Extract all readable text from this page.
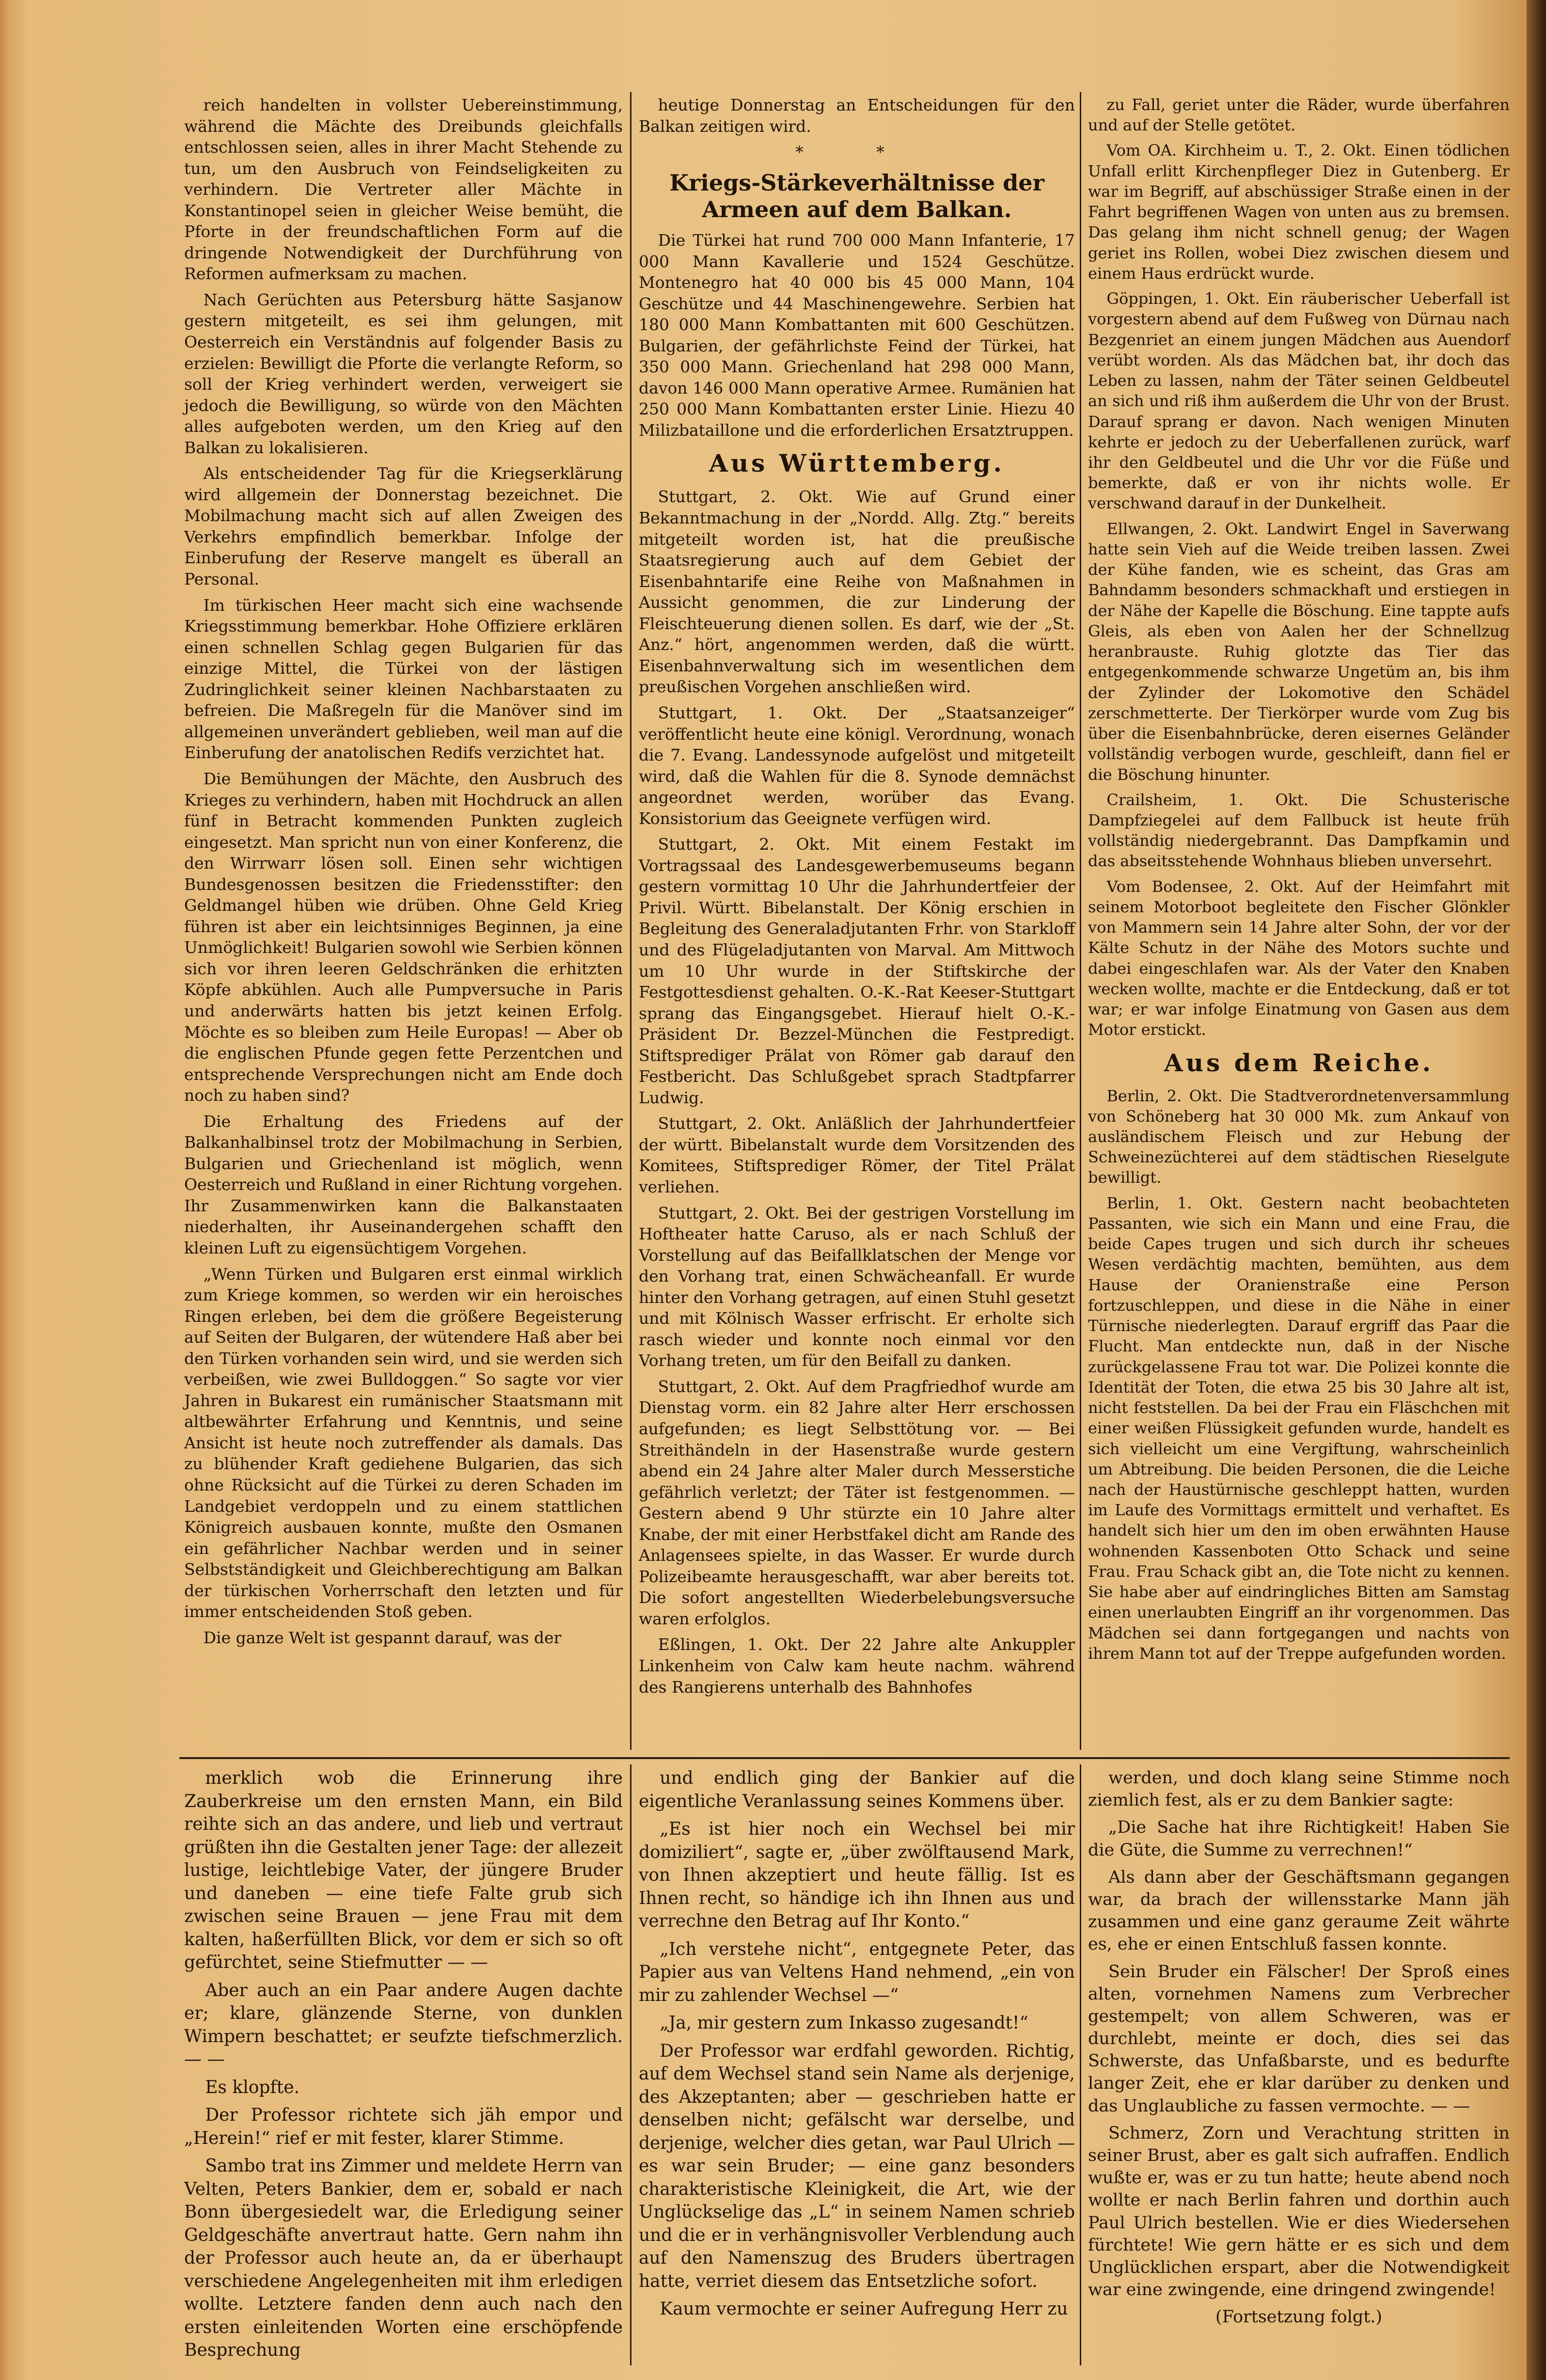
reich handelten in vollster Uebereinstimmung, während die Mächte des Dreibunds gleichfalls entschlossen seien, alles in ihrer Macht Stehende zu tun, um den Ausbruch von Feindseligkeiten zu verhindern. Die Vertreter aller Mächte in Konstantinopel seien in gleicher Weise bemüht, die Pforte in der freundschaftlichen Form auf die dringende Notwendigkeit der Durchführung von Reformen aufmerksam zu machen.

Nach Gerüchten aus Petersburg hätte Sasjanow gestern mitgeteilt, es sei ihm gelungen, mit Oesterreich ein Verständnis auf folgender Basis zu erzielen: Bewilligt die Pforte die verlangte Reform, so soll der Krieg verhindert werden, verweigert sie jedoch die Bewilligung, so würde von den Mächten alles aufgeboten werden, um den Krieg auf den Balkan zu lokalisieren.

Als entscheidender Tag für die Kriegserklärung wird allgemein der Donnerstag bezeichnet. Die Mobilmachung macht sich auf allen Zweigen des Verkehrs empfindlich bemerkbar. Infolge der Einberufung der Reserve mangelt es überall an Personal.

Im türkischen Heer macht sich eine wachsende Kriegsstimmung bemerkbar. Hohe Offiziere erklären einen schnellen Schlag gegen Bulgarien für das einzige Mittel, die Türkei von der lästigen Zudringlichkeit seiner kleinen Nachbarstaaten zu befreien. Die Maßregeln für die Manöver sind im allgemeinen unverändert geblieben, weil man auf die Einberufung der anatolischen Redifs verzichtet hat.

Die Bemühungen der Mächte, den Ausbruch des Krieges zu verhindern, haben mit Hochdruck an allen fünf in Betracht kommenden Punkten zugleich eingesetzt. Man spricht nun von einer Konferenz, die den Wirrwarr lösen soll. Einen sehr wichtigen Bundesgenossen besitzen die Friedensstifter: den Geldmangel hüben wie drüben. Ohne Geld Krieg führen ist aber ein leichtsinniges Beginnen, ja eine Unmöglichkeit! Bulgarien sowohl wie Serbien können sich vor ihren leeren Geldschränken die erhitzten Köpfe abkühlen. Auch alle Pumpversuche in Paris und anderwärts hatten bis jetzt keinen Erfolg. Möchte es so bleiben zum Heile Europas! — Aber ob die englischen Pfunde gegen fette Perzentchen und entsprechende Versprechungen nicht am Ende doch noch zu haben sind?

Die Erhaltung des Friedens auf der Balkanhalbinsel trotz der Mobilmachung in Serbien, Bulgarien und Griechenland ist möglich, wenn Oesterreich und Rußland in einer Richtung vorgehen. Ihr Zusammenwirken kann die Balkanstaaten niederhalten, ihr Auseinandergehen schafft den kleinen Luft zu eigensüchtigem Vorgehen.

„Wenn Türken und Bulgaren erst einmal wirklich zum Kriege kommen, so werden wir ein heroisches Ringen erleben, bei dem die größere Begeisterung auf Seiten der Bulgaren, der wütendere Haß aber bei den Türken vorhanden sein wird, und sie werden sich verbeißen, wie zwei Bulldoggen.“ So sagte vor vier Jahren in Bukarest ein rumänischer Staatsmann mit altbewährter Erfahrung und Kenntnis, und seine Ansicht ist heute noch zutreffender als damals. Das zu blühender Kraft gediehene Bulgarien, das sich ohne Rücksicht auf die Türkei zu deren Schaden im Landgebiet verdoppeln und zu einem stattlichen Königreich ausbauen konnte, mußte den Osmanen ein gefährlicher Nachbar werden und in seiner Selbstständigkeit und Gleichberechtigung am Balkan der türkischen Vorherrschaft den letzten und für immer entscheidenden Stoß geben.

Die ganze Welt ist gespannt darauf, was der

heutige Donnerstag an Entscheidungen für den Balkan zeitigen wird.

* *
Kriegs-Stärkeverhältnisse der Armeen auf dem Balkan.

Die Türkei hat rund 700 000 Mann Infanterie, 17 000 Mann Kavallerie und 1524 Geschütze. Montenegro hat 40 000 bis 45 000 Mann, 104 Geschütze und 44 Maschinengewehre. Serbien hat 180 000 Mann Kombattanten mit 600 Geschützen. Bulgarien, der gefährlichste Feind der Türkei, hat 350 000 Mann. Griechenland hat 298 000 Mann, davon 146 000 Mann operative Armee. Rumänien hat 250 000 Mann Kombattanten erster Linie. Hiezu 40 Milizbataillone und die erforderlichen Ersatztruppen.

Aus Württemberg.

Stuttgart, 2. Okt. Wie auf Grund einer Bekanntmachung in der „Nordd. Allg. Ztg.“ bereits mitgeteilt worden ist, hat die preußische Staatsregierung auch auf dem Gebiet der Eisenbahntarife eine Reihe von Maßnahmen in Aussicht genommen, die zur Linderung der Fleischteuerung dienen sollen. Es darf, wie der „St. Anz.“ hört, angenommen werden, daß die württ. Eisenbahnverwaltung sich im wesentlichen dem preußischen Vorgehen anschließen wird.

Stuttgart, 1. Okt. Der „Staatsanzeiger“ veröffentlicht heute eine königl. Verordnung, wonach die 7. Evang. Landessynode aufgelöst und mitgeteilt wird, daß die Wahlen für die 8. Synode demnächst angeordnet werden, worüber das Evang. Konsistorium das Geeignete verfügen wird.

Stuttgart, 2. Okt. Mit einem Festakt im Vortragssaal des Landesgewerbemuseums begann gestern vormittag 10 Uhr die Jahrhundertfeier der Privil. Württ. Bibelanstalt. Der König erschien in Begleitung des Generaladjutanten Frhr. von Starkloff und des Flügeladjutanten von Marval. Am Mittwoch um 10 Uhr wurde in der Stiftskirche der Festgottesdienst gehalten. O.-K.-Rat Keeser-Stuttgart sprang das Eingangsgebet. Hierauf hielt O.-K.-Präsident Dr. Bezzel-München die Festpredigt. Stiftsprediger Prälat von Römer gab darauf den Festbericht. Das Schlußgebet sprach Stadtpfarrer Ludwig.

Stuttgart, 2. Okt. Anläßlich der Jahrhundertfeier der württ. Bibelanstalt wurde dem Vorsitzenden des Komitees, Stiftsprediger Römer, der Titel Prälat verliehen.

Stuttgart, 2. Okt. Bei der gestrigen Vorstellung im Hoftheater hatte Caruso, als er nach Schluß der Vorstellung auf das Beifallklatschen der Menge vor den Vorhang trat, einen Schwächeanfall. Er wurde hinter den Vorhang getragen, auf einen Stuhl gesetzt und mit Kölnisch Wasser erfrischt. Er erholte sich rasch wieder und konnte noch einmal vor den Vorhang treten, um für den Beifall zu danken.

Stuttgart, 2. Okt. Auf dem Pragfriedhof wurde am Dienstag vorm. ein 82 Jahre alter Herr erschossen aufgefunden; es liegt Selbsttötung vor. — Bei Streithändeln in der Hasenstraße wurde gestern abend ein 24 Jahre alter Maler durch Messerstiche gefährlich verletzt; der Täter ist festgenommen. — Gestern abend 9 Uhr stürzte ein 10 Jahre alter Knabe, der mit einer Herbstfakel dicht am Rande des Anlagensees spielte, in das Wasser. Er wurde durch Polizeibeamte herausgeschafft, war aber bereits tot. Die sofort angestellten Wiederbelebungsversuche waren erfolglos.

Eßlingen, 1. Okt. Der 22 Jahre alte Ankuppler Linkenheim von Calw kam heute nachm. während des Rangierens unterhalb des Bahnhofes

zu Fall, geriet unter die Räder, wurde überfahren und auf der Stelle getötet.

Vom OA. Kirchheim u. T., 2. Okt. Einen tödlichen Unfall erlitt Kirchenpfleger Diez in Gutenberg. Er war im Begriff, auf abschüssiger Straße einen in der Fahrt begriffenen Wagen von unten aus zu bremsen. Das gelang ihm nicht schnell genug; der Wagen geriet ins Rollen, wobei Diez zwischen diesem und einem Haus erdrückt wurde.

Göppingen, 1. Okt. Ein räuberischer Ueberfall ist vorgestern abend auf dem Fußweg von Dürnau nach Bezgenriet an einem jungen Mädchen aus Auendorf verübt worden. Als das Mädchen bat, ihr doch das Leben zu lassen, nahm der Täter seinen Geldbeutel an sich und riß ihm außerdem die Uhr von der Brust. Darauf sprang er davon. Nach wenigen Minuten kehrte er jedoch zu der Ueberfallenen zurück, warf ihr den Geldbeutel und die Uhr vor die Füße und bemerkte, daß er von ihr nichts wolle. Er verschwand darauf in der Dunkelheit.

Ellwangen, 2. Okt. Landwirt Engel in Saverwang hatte sein Vieh auf die Weide treiben lassen. Zwei der Kühe fanden, wie es scheint, das Gras am Bahndamm besonders schmackhaft und erstiegen in der Nähe der Kapelle die Böschung. Eine tappte aufs Gleis, als eben von Aalen her der Schnellzug heranbrauste. Ruhig glotzte das Tier das entgegenkommende schwarze Ungetüm an, bis ihm der Zylinder der Lokomotive den Schädel zerschmetterte. Der Tierkörper wurde vom Zug bis über die Eisenbahnbrücke, deren eisernes Geländer vollständig verbogen wurde, geschleift, dann fiel er die Böschung hinunter.

Crailsheim, 1. Okt. Die Schusterische Dampfziegelei auf dem Fallbuck ist heute früh vollständig niedergebrannt. Das Dampfkamin und das abseitsstehende Wohnhaus blieben unversehrt.

Vom Bodensee, 2. Okt. Auf der Heimfahrt mit seinem Motorboot begleitete den Fischer Glönkler von Mammern sein 14 Jahre alter Sohn, der vor der Kälte Schutz in der Nähe des Motors suchte und dabei eingeschlafen war. Als der Vater den Knaben wecken wollte, machte er die Entdeckung, daß er tot war; er war infolge Einatmung von Gasen aus dem Motor erstickt.

Aus dem Reiche.

Berlin, 2. Okt. Die Stadtverordnetenversammlung von Schöneberg hat 30 000 Mk. zum Ankauf von ausländischem Fleisch und zur Hebung der Schweinezüchterei auf dem städtischen Rieselgute bewilligt.

Berlin, 1. Okt. Gestern nacht beobachteten Passanten, wie sich ein Mann und eine Frau, die beide Capes trugen und sich durch ihr scheues Wesen verdächtig machten, bemühten, aus dem Hause der Oranienstraße eine Person fortzuschleppen, und diese in die Nähe in einer Türnische niederlegten. Darauf ergriff das Paar die Flucht. Man entdeckte nun, daß in der Nische zurückgelassene Frau tot war. Die Polizei konnte die Identität der Toten, die etwa 25 bis 30 Jahre alt ist, nicht feststellen. Da bei der Frau ein Fläschchen mit einer weißen Flüssigkeit gefunden wurde, handelt es sich vielleicht um eine Vergiftung, wahrscheinlich um Abtreibung. Die beiden Personen, die die Leiche nach der Haustürnische geschleppt hatten, wurden im Laufe des Vormittags ermittelt und verhaftet. Es handelt sich hier um den im oben erwähnten Hause wohnenden Kassenboten Otto Schack und seine Frau. Frau Schack gibt an, die Tote nicht zu kennen. Sie habe aber auf eindringliches Bitten am Samstag einen unerlaubten Eingriff an ihr vorgenommen. Das Mädchen sei dann fortgegangen und nachts von ihrem Mann tot auf der Treppe aufgefunden worden.

merklich wob die Erinnerung ihre Zauberkreise um den ernsten Mann, ein Bild reihte sich an das andere, und lieb und vertraut grüßten ihn die Gestalten jener Tage: der allezeit lustige, leichtlebige Vater, der jüngere Bruder und daneben — eine tiefe Falte grub sich zwischen seine Brauen — jene Frau mit dem kalten, haßerfüllten Blick, vor dem er sich so oft gefürchtet, seine Stiefmutter — —

Aber auch an ein Paar andere Augen dachte er; klare, glänzende Sterne, von dunklen Wimpern beschattet; er seufzte tiefschmerzlich. — —

Es klopfte.

Der Professor richtete sich jäh empor und „Herein!“ rief er mit fester, klarer Stimme.

Sambo trat ins Zimmer und meldete Herrn van Velten, Peters Bankier, dem er, sobald er nach Bonn übergesiedelt war, die Erledigung seiner Geldgeschäfte anvertraut hatte. Gern nahm ihn der Professor auch heute an, da er überhaupt verschiedene Angelegenheiten mit ihm erledigen wollte. Letztere fanden denn auch nach den ersten einleitenden Worten eine erschöpfende Besprechung

und endlich ging der Bankier auf die eigentliche Veranlassung seines Kommens über.

„Es ist hier noch ein Wechsel bei mir domiziliert“, sagte er, „über zwölftausend Mark, von Ihnen akzeptiert und heute fällig. Ist es Ihnen recht, so händige ich ihn Ihnen aus und verrechne den Betrag auf Ihr Konto.“

„Ich verstehe nicht“, entgegnete Peter, das Papier aus van Veltens Hand nehmend, „ein von mir zu zahlender Wechsel —“

„Ja, mir gestern zum Inkasso zugesandt!“

Der Professor war erdfahl geworden. Richtig, auf dem Wechsel stand sein Name als derjenige, des Akzeptanten; aber — geschrieben hatte er denselben nicht; gefälscht war derselbe, und derjenige, welcher dies getan, war Paul Ulrich — es war sein Bruder; — eine ganz besonders charakteristische Kleinigkeit, die Art, wie der Unglückselige das „L“ in seinem Namen schrieb und die er in verhängnisvoller Verblendung auch auf den Namenszug des Bruders übertragen hatte, verriet diesem das Entsetzliche sofort.

Kaum vermochte er seiner Aufregung Herr zu

werden, und doch klang seine Stimme noch ziemlich fest, als er zu dem Bankier sagte:

„Die Sache hat ihre Richtigkeit! Haben Sie die Güte, die Summe zu verrechnen!“

Als dann aber der Geschäftsmann gegangen war, da brach der willensstarke Mann jäh zusammen und eine ganz geraume Zeit währte es, ehe er einen Entschluß fassen konnte.

Sein Bruder ein Fälscher! Der Sproß eines alten, vornehmen Namens zum Verbrecher gestempelt; von allem Schweren, was er durchlebt, meinte er doch, dies sei das Schwerste, das Unfaßbarste, und es bedurfte langer Zeit, ehe er klar darüber zu denken und das Unglaubliche zu fassen vermochte. — —

Schmerz, Zorn und Verachtung stritten in seiner Brust, aber es galt sich aufraffen. Endlich wußte er, was er zu tun hatte; heute abend noch wollte er nach Berlin fahren und dorthin auch Paul Ulrich bestellen. Wie er dies Wiedersehen fürchtete! Wie gern hätte er es sich und dem Unglücklichen erspart, aber die Notwendigkeit war eine zwingende, eine dringend zwingende!

(Fortsetzung folgt.)
